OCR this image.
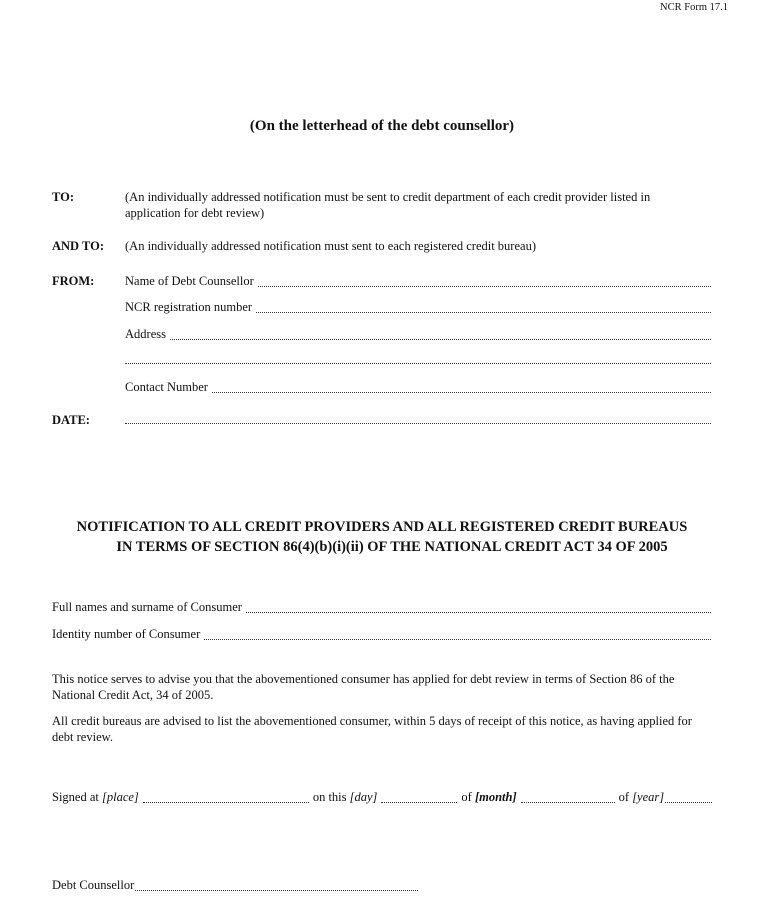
NCR Form 17.1
(On the letterhead of the debt counsellor)
TO:	(An individually addressed notification must be sent to credit department of each credit provider listed in application for debt review)
AND TO: (An individually addressed notification must sent to each registered credit bureau)
FROM: Name of Debt Counsellor
NCR registration number
Address
Contact Number
DATE:
NOTIFICATION TO ALL CREDIT PROVIDERS AND ALL REGISTERED CREDIT BUREAUS
IN TERMS OF SECTION 86(4)(b)(i)(ii) OF THE NATIONAL CREDIT ACT 34 OF 2005
Full names and surname of Consumer
Identity number of Consumer
This notice serves to advise you that the abovementioned consumer has applied for debt review in terms of Section 86 of the National Credit Act, 34 of 2005.
All credit bureaus are advised to list the abovementioned consumer, within 5 days of receipt of this notice, as having applied for debt review.
Signed at
[place]	on this
[day]	of
[month]	of
[year]
Debt Counsellor
